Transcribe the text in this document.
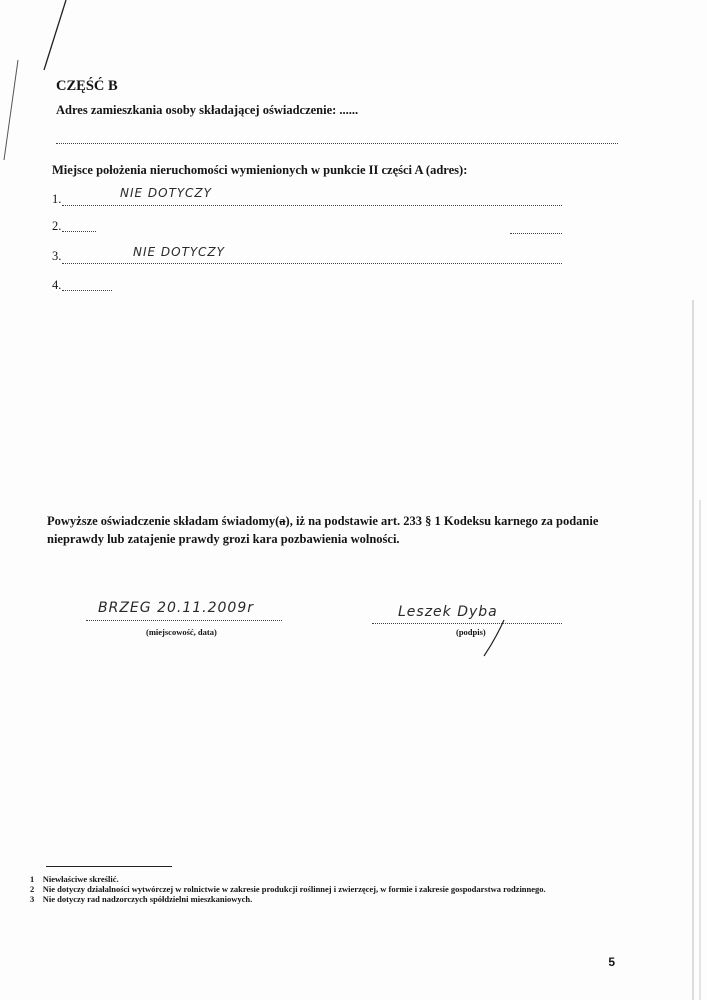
CZĘŚĆ B
Adres zamieszkania osoby składającej oświadczenie: ......
Miejsce położenia nieruchomości wymienionych w punkcie II części A (adres):
1.	NIE DOTYCZY
2.
3.	NIE DOTYCZY
4.
Powyższe oświadczenie składam świadomy(a), iż na podstawie art. 233 § 1 Kodeksu karnego za podanie nieprawdy lub zatajenie prawdy grozi kara pozbawienia wolności.
BRZEG 20.11.2009r
(miejscowość, data)
Leszek Dyba
(podpis)
1 Niewłaściwe skreślić.
2 Nie dotyczy działalności wytwórczej w rolnictwie w zakresie produkcji roślinnej i zwierzęcej, w formie i zakresie gospodarstwa rodzinnego.
3 Nie dotyczy rad nadzorczych spółdzielni mieszkaniowych.
5
